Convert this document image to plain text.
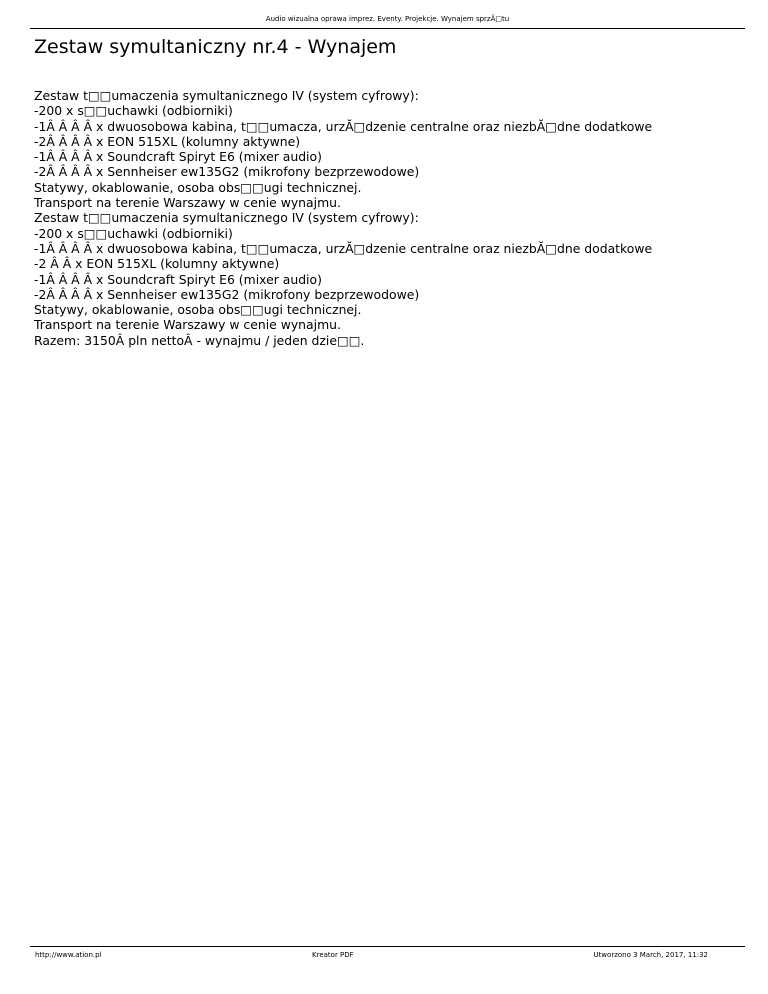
Audio wizualna oprawa imprez. Eventy. Projekcje. Wynajem sprzĂ□tu
Zestaw symultaniczny nr.4 - Wynajem
Zestaw t□□umaczenia symultanicznego IV (system cyfrowy):
-200 x s□□uchawki (odbiorniki)
-1Â Â Â Â x dwuosobowa kabina, t□□umacza, urzĂ□dzenie centralne oraz niezbĂ□dne dodatkowe
-2Â Â Â Â x EON 515XL (kolumny aktywne)
-1Â Â Â Â x Soundcraft Spiryt E6 (mixer audio)
-2Â Â Â Â x Sennheiser ew135G2 (mikrofony bezprzewodowe)
Statywy, okablowanie, osoba obs□□ugi technicznej.
Transport na terenie Warszawy w cenie wynajmu.
Zestaw t□□umaczenia symultanicznego IV (system cyfrowy):
-200 x s□□uchawki (odbiorniki)
-1Â Â Â Â x dwuosobowa kabina, t□□umacza, urzĂ□dzenie centralne oraz niezbĂ□dne dodatkowe
-2 Â Â x EON 515XL (kolumny aktywne)
-1Â Â Â Â x Soundcraft Spiryt E6 (mixer audio)
-2Â Â Â Â x Sennheiser ew135G2 (mikrofony bezprzewodowe)
Statywy, okablowanie, osoba obs□□ugi technicznej.
Transport na terenie Warszawy w cenie wynajmu.
Razem: 3150Â pln nettoÂ - wynajmu / jeden dzie□□.
http://www.ation.pl	Kreator PDF	Utworzono 3 March, 2017, 11:32
